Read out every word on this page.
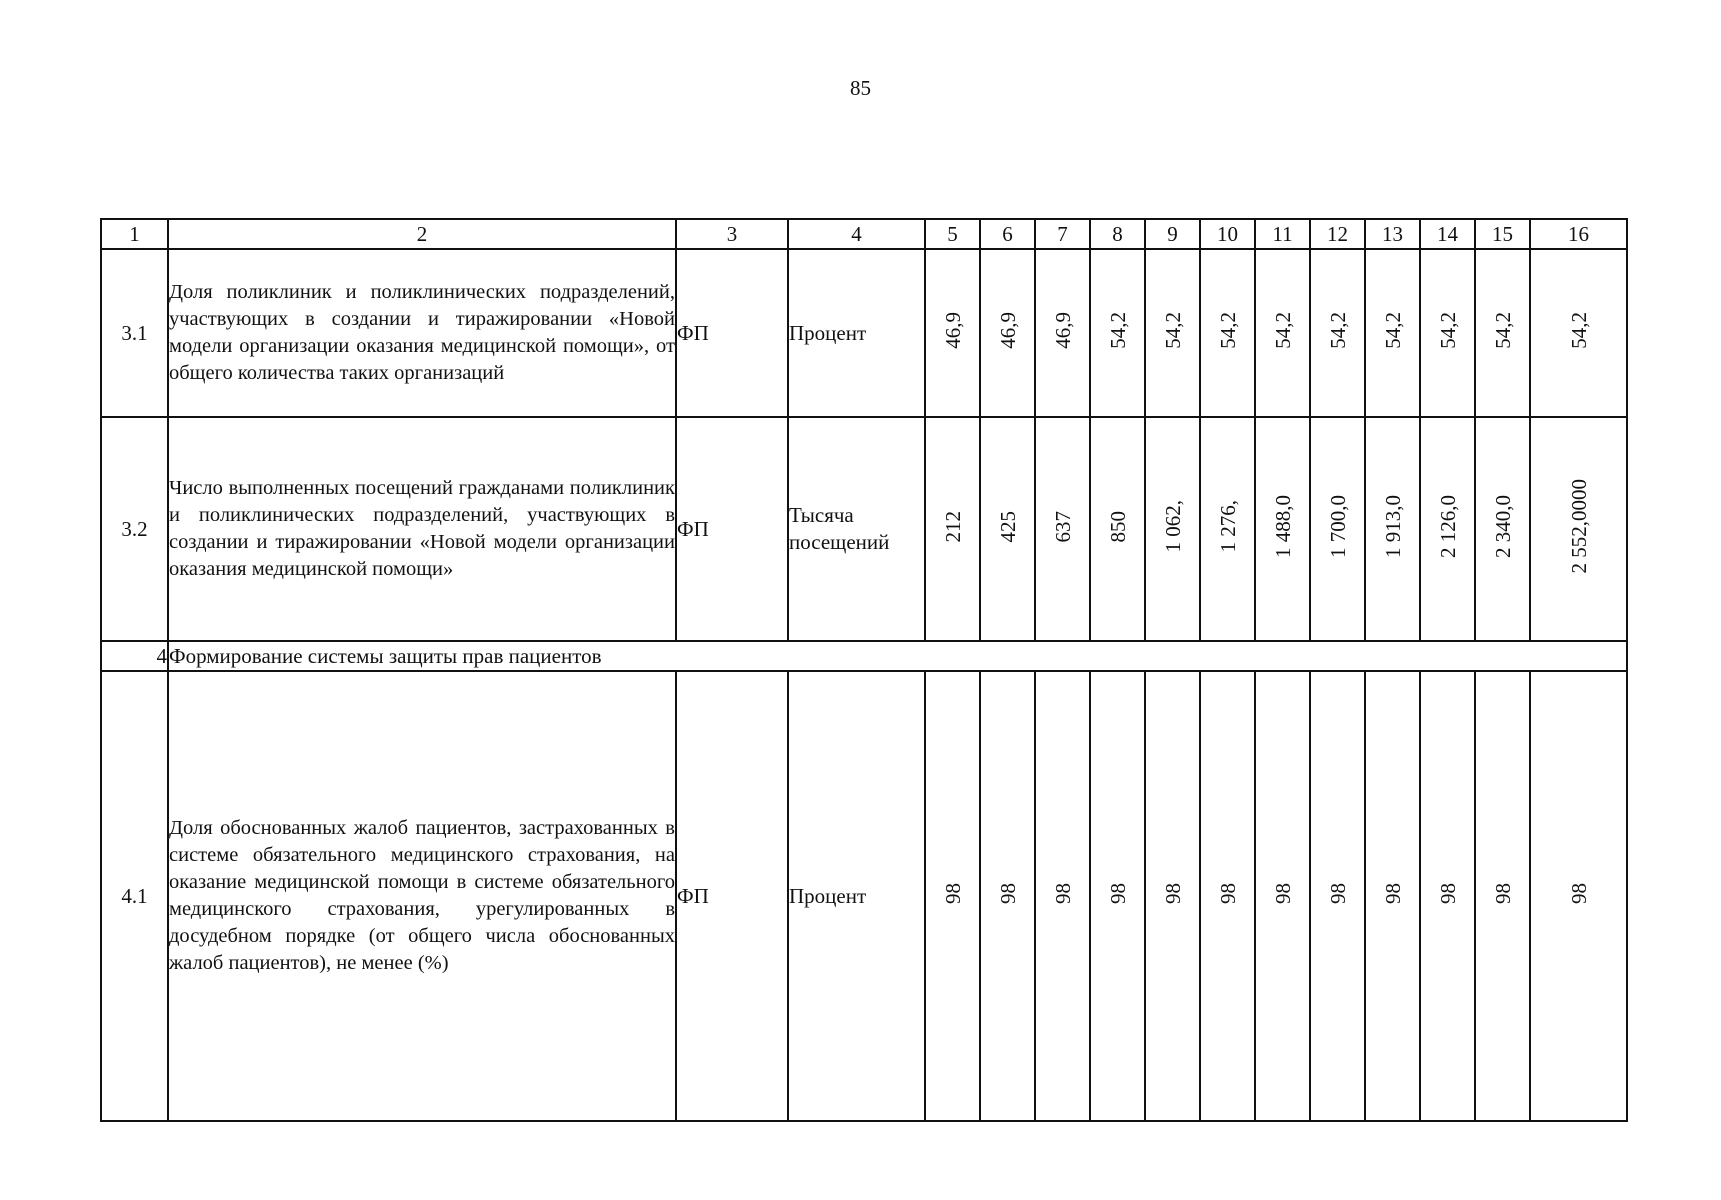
85
1	2	3	4	5	6	7	8	9	10	11	12	13	14	15	16
3.1	Доля поликлиник и поликлинических подразделений, участвующих в создании и тиражировании «Новой модели организации оказания медицинской помощи», от общего количества таких организаций	ФП	Процент	46,9	46,9	46,9	54,2	54,2	54,2	54,2	54,2	54,2	54,2	54,2	54,2
3.2	Число выполненных посещений гражданами поликлиник и поликлинических подразделений, участвующих в создании и тиражировании «Новой модели организации оказания медицинской помощи»	ФП	Тысяча посещений	212	425	637	850	1 062,	1 276,	1 488,0	1 700,0	1 913,0	2 126,0	2 340,0	2 552,0000
4	Формирование системы защиты прав пациентов														
4.1	Доля обоснованных жалоб пациентов, застрахованных в системе обязательного медицинского страхования, на оказание медицинской помощи в системе обязательного медицинского страхования, урегулированных в досудебном порядке (от общего числа обоснованных жалоб пациентов), не менее (%)	ФП	Процент	98	98	98	98	98	98	98	98	98	98	98	98
